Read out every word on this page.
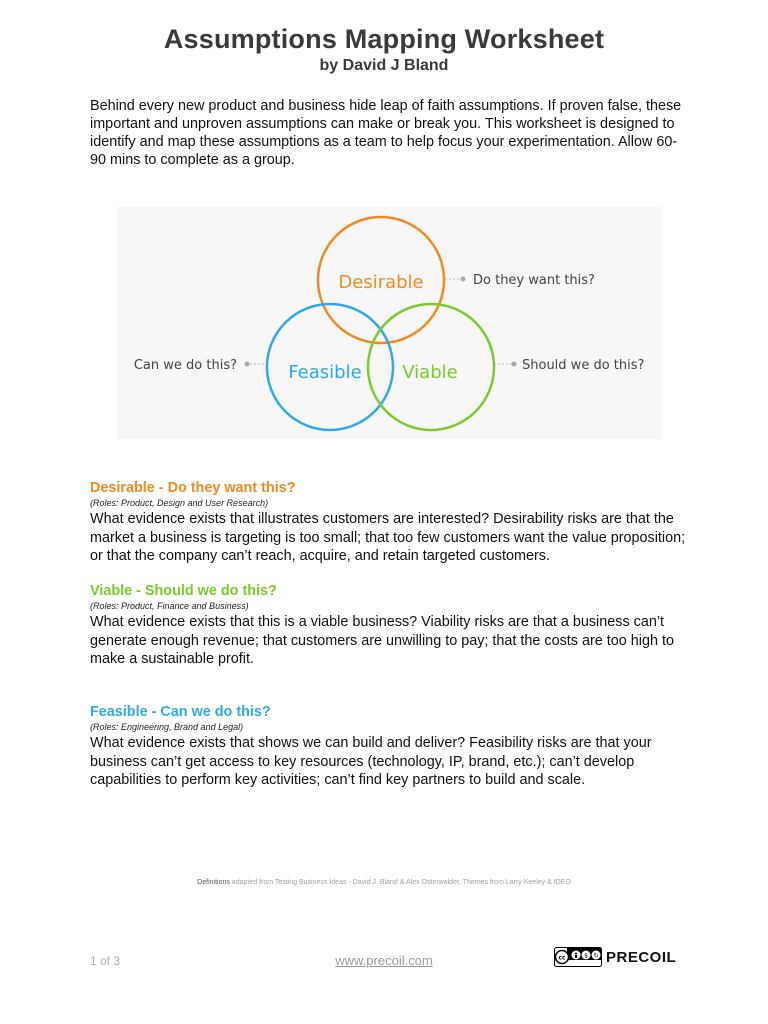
Assumptions Mapping Worksheet
by David J Bland

Behind every new product and business hide leap of faith assumptions. If proven false, these important and unproven assumptions can make or break you. This worksheet is designed to identify and map these assumptions as a team to help focus your experimentation. Allow 60-90 mins to complete as a group.

Desirable
Feasible Viable
Do they want this?
Can we do this?	Should we do this?

Desirable - Do they want this?

(Roles: Product, Design and User Research)

What evidence exists that illustrates customers are interested? Desirability risks are that the market a business is targeting is too small; that too few customers want the value proposition; or that the company can’t reach, acquire, and retain targeted customers.

Viable - Should we do this?

(Roles: Product, Finance and Business)

What evidence exists that this is a viable business? Viability risks are that a business can’t generate enough revenue; that customers are unwilling to pay; that the costs are too high to make a sustainable profit.

Feasible - Can we do this?

(Roles: Engineering, Brand and Legal)

What evidence exists that shows we can build and deliver? Feasibility risks are that your business can’t get access to key resources (technology, IP, brand, etc.); can’t develop capabilities to perform key activities; can’t find key partners to build and scale.

Definitions adapted from Testing Business Ideas - David J. Bland & Alex Osterwalder, Themes from Larry Keeley & IDEO
1 of 3	www.precoil.com	cc	$ ↻ PRECOIL
